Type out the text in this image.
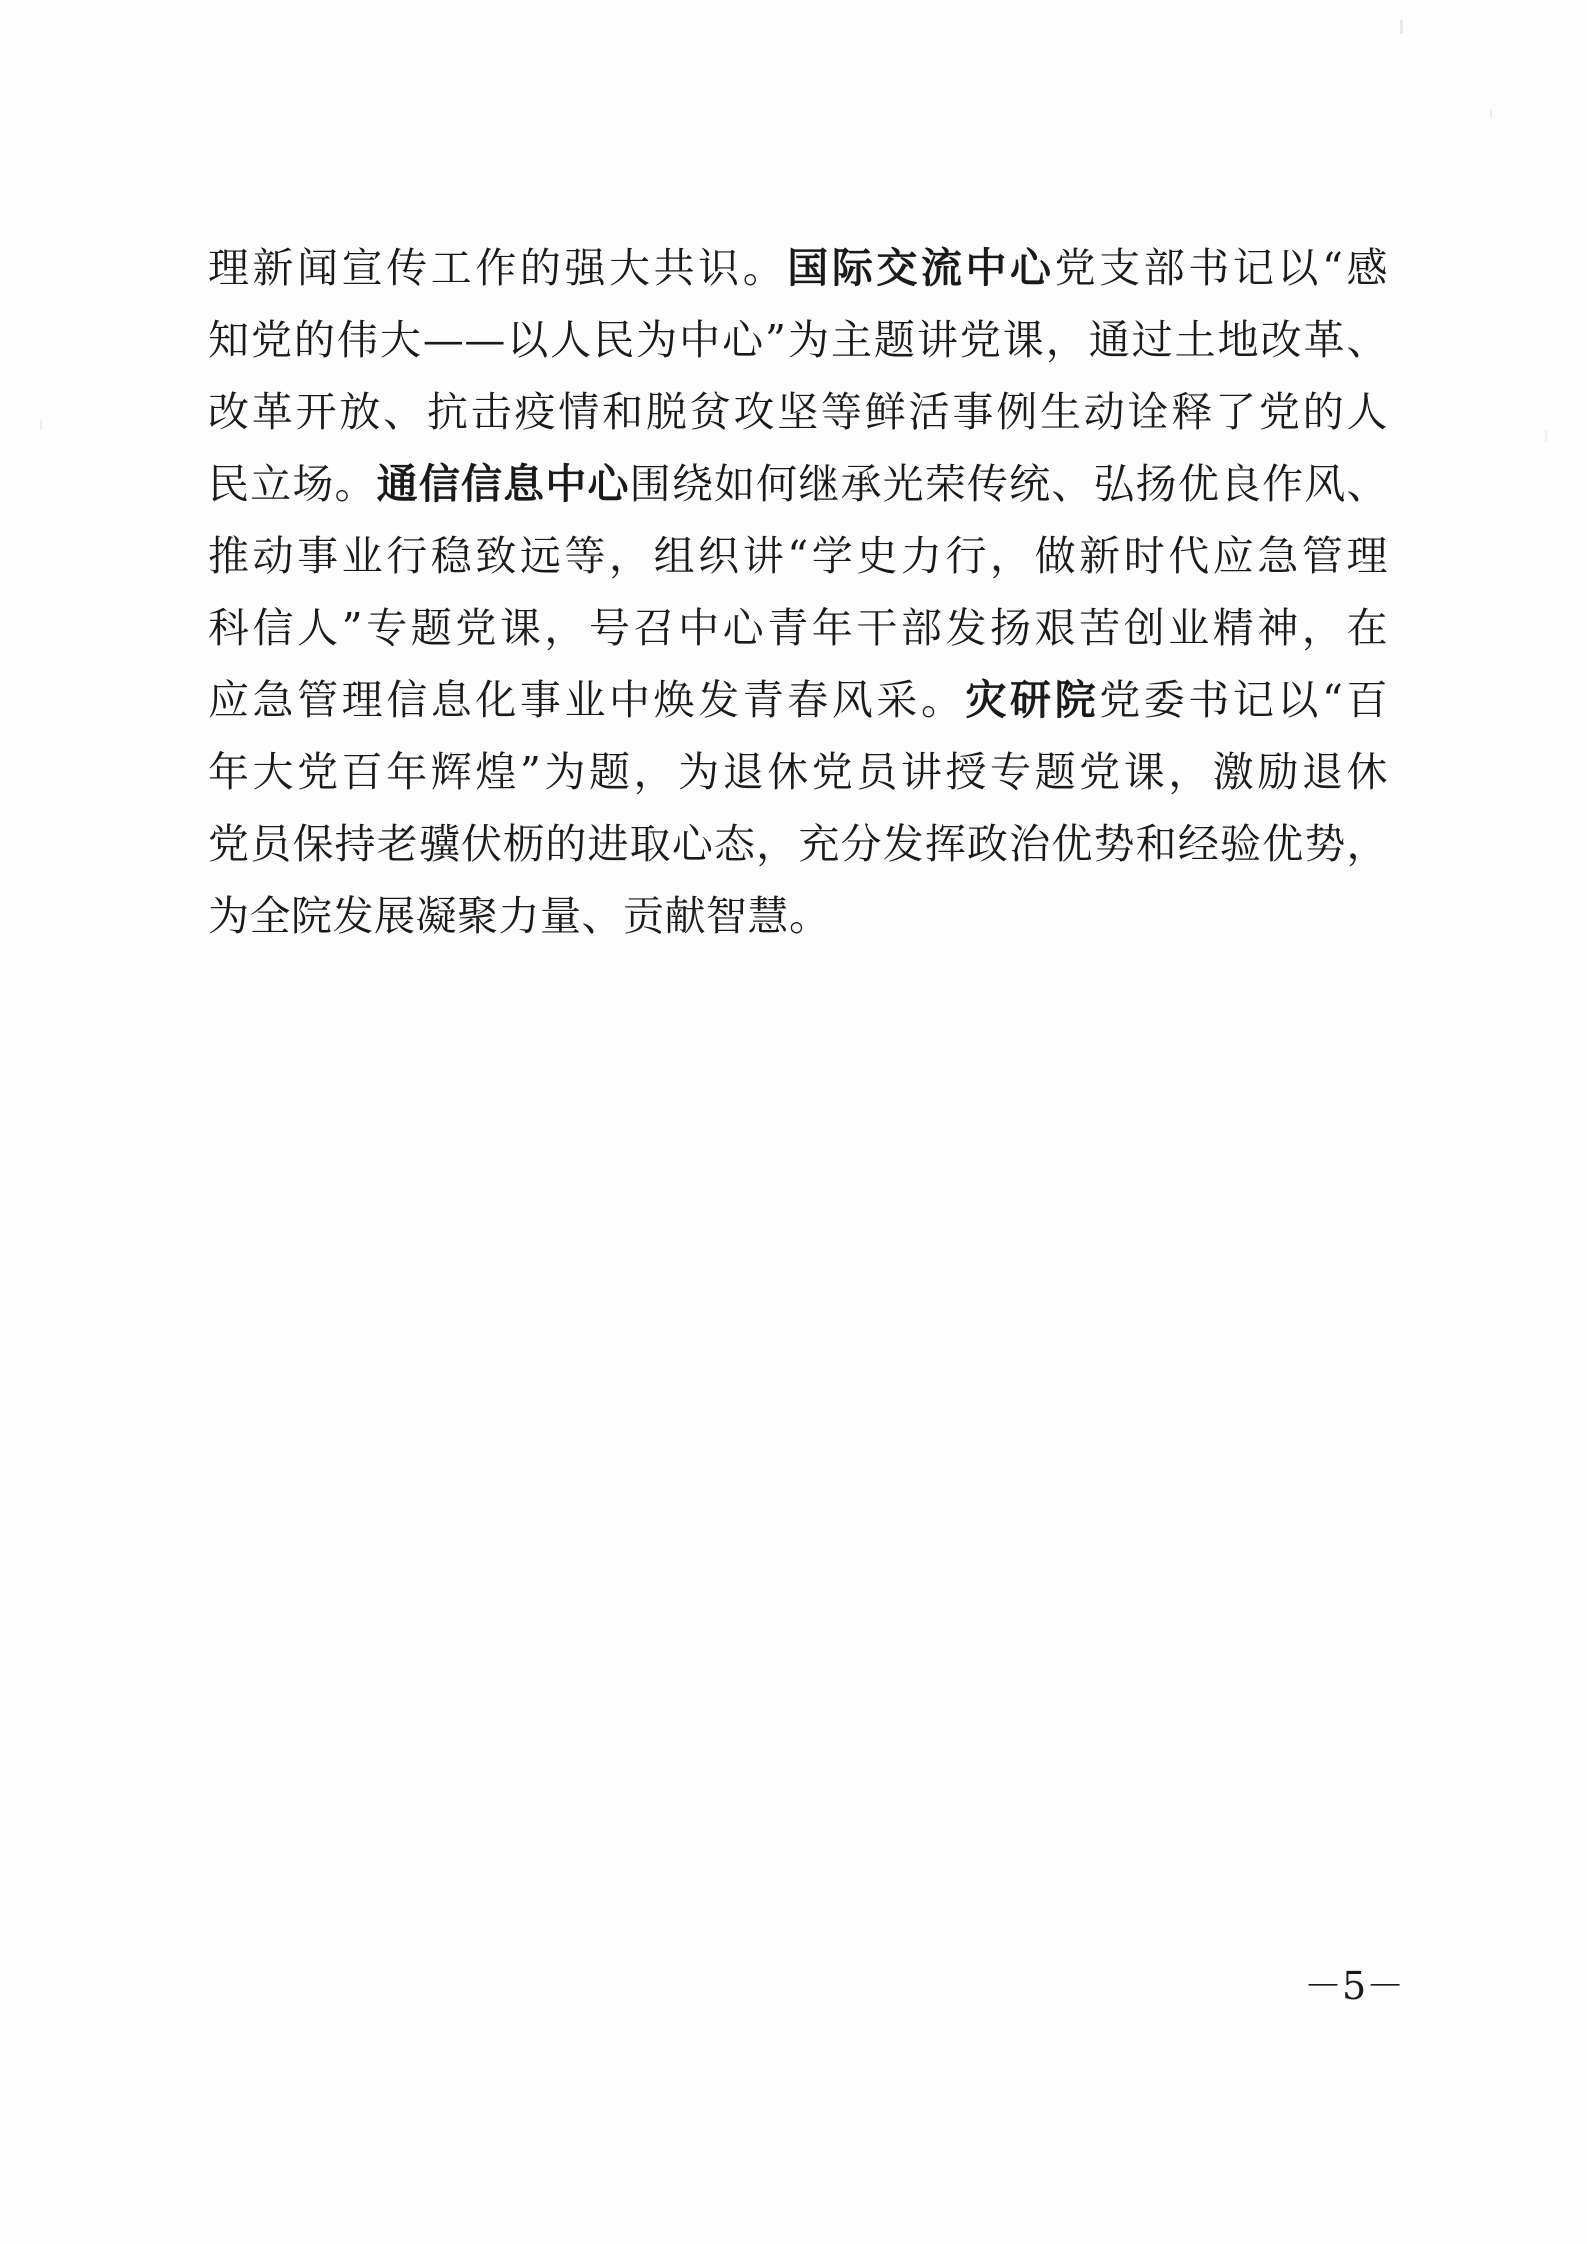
理新闻宣传工作的强大共识。国际交流中心党支部书记以“感
知党的伟大——以人民为中心”为主题讲党课，通过土地改革、
改革开放、抗击疫情和脱贫攻坚等鲜活事例生动诠释了党的人
民立场。通信信息中心围绕如何继承光荣传统、弘扬优良作风、
推动事业行稳致远等，组织讲“学史力行，做新时代应急管理
科信人”专题党课，号召中心青年干部发扬艰苦创业精神，在
应急管理信息化事业中焕发青春风采。灾研院党委书记以“百
年大党百年辉煌”为题，为退休党员讲授专题党课，激励退休
党员保持老骥伏枥的进取心态，充分发挥政治优势和经验优势，
为全院发展凝聚力量、贡献智慧。
－5－
